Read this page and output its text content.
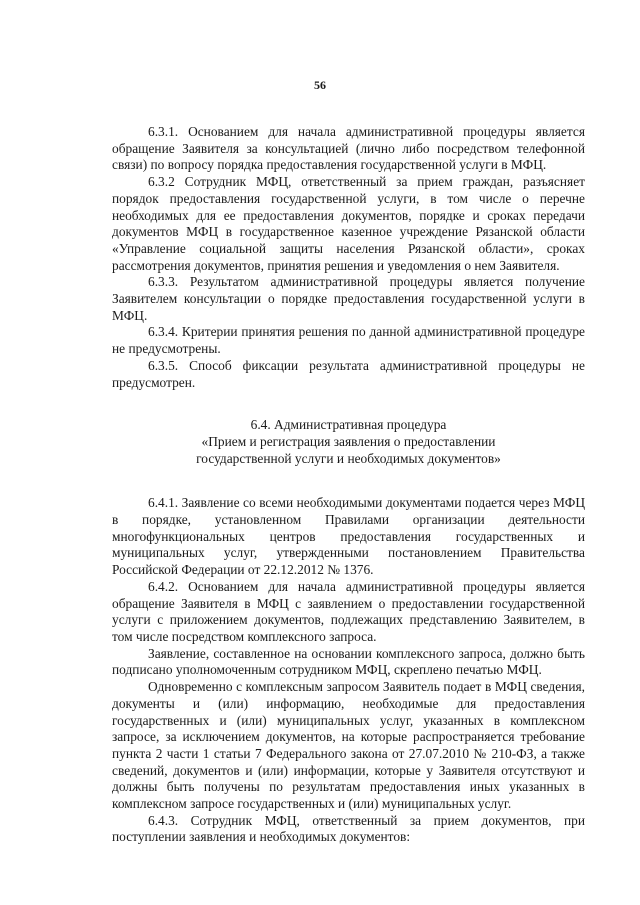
56

6.3.1. Основанием для начала административной процедуры является обращение Заявителя за консультацией (лично либо посредством телефонной связи) по вопросу порядка предоставления государственной услуги в МФЦ.

6.3.2 Сотрудник МФЦ, ответственный за прием граждан, разъясняет порядок предоставления государственной услуги, в том числе о перечне необходимых для ее предоставления документов, порядке и сроках передачи документов МФЦ в государственное казенное учреждение Рязанской области «Управление социальной защиты населения Рязанской области», сроках рассмотрения документов, принятия решения и уведомления о нем Заявителя.

6.3.3. Результатом административной процедуры является получение Заявителем консультации о порядке предоставления государственной услуги в МФЦ.

6.3.4. Критерии принятия решения по данной административной процедуре не предусмотрены.

6.3.5. Способ фиксации результата административной процедуры не предусмотрен.

6.4. Административная процедура

«Прием и регистрация заявления о предоставлении

государственной услуги и необходимых документов»

6.4.1. Заявление со всеми необходимыми документами подается через МФЦ в порядке, установленном Правилами организации деятельности многофункциональных центров предоставления государственных и муниципальных услуг, утвержденными постановлением Правительства Российской Федерации от 22.12.2012 № 1376.

6.4.2. Основанием для начала административной процедуры является обращение Заявителя в МФЦ с заявлением о предоставлении государственной услуги с приложением документов, подлежащих представлению Заявителем, в том числе посредством комплексного запроса.

Заявление, составленное на основании комплексного запроса, должно быть подписано уполномоченным сотрудником МФЦ, скреплено печатью МФЦ.

Одновременно с комплексным запросом Заявитель подает в МФЦ сведения, документы и (или) информацию, необходимые для предоставления государственных и (или) муниципальных услуг, указанных в комплексном запросе, за исключением документов, на которые распространяется требование пункта 2 части 1 статьи 7 Федерального закона от 27.07.2010 № 210-ФЗ, а также сведений, документов и (или) информации, которые у Заявителя отсутствуют и должны быть получены по результатам предоставления иных указанных в комплексном запросе государственных и (или) муниципальных услуг.

6.4.3. Сотрудник МФЦ, ответственный за прием документов, при поступлении заявления и необходимых документов:
